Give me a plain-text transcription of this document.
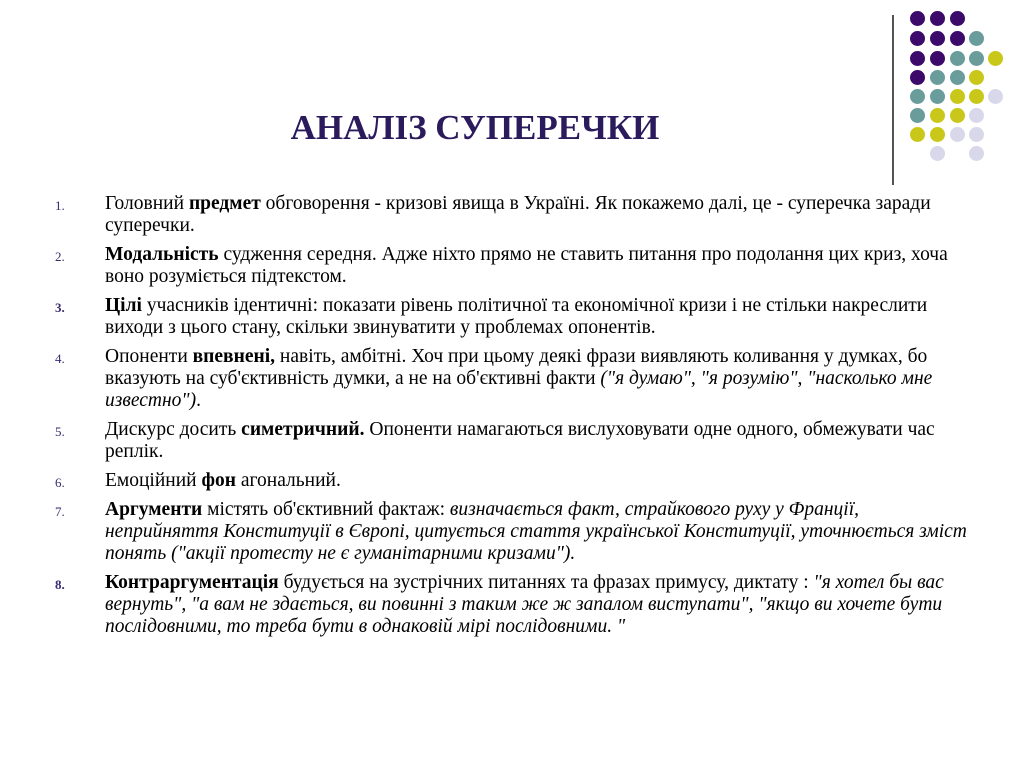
АНАЛІЗ СУПЕРЕЧКИ
1. Головний предмет обговорення - кризові явища в Україні. Як покажемо далі, це - суперечка заради суперечки.
2. Модальність судження середня. Адже ніхто прямо не ставить питання про подолання цих криз, хоча воно розуміється підтекстом.
3. Цілі учасників ідентичні: показати рівень політичної та економічної кризи і не стільки накреслити виходи з цього стану, скільки звинуватити у проблемах опонентів.
4. Опоненти впевнені, навіть, амбітні. Хоч при цьому деякі фрази виявляють коливання у думках, бо вказують на суб'єктивність думки, а не на об'єктивні факти ("я думаю", "я розумію", "насколько мне известно").
5. Дискурс досить симетричний. Опоненти намагаються вислуховувати одне одного, обмежувати час реплік.
6. Емоційний фон агональний.
7. Аргументи містять об'єктивний фактаж: визначається факт, страйкового руху у Франції, неприйняття Конституції в Європі, цитується стаття української Конституції, уточнюється зміст понять ("акції протесту не є гуманітарними кризами").
8. Контраргументація будується на зустрічних питаннях та фразах примусу, диктату : "я хотел бы вас вернуть", "а вам не здається, ви повинні з таким же ж запалом виступати", "якщо ви хочете бути послідовними, то треба бути в однаковій мірі послідовними. "
